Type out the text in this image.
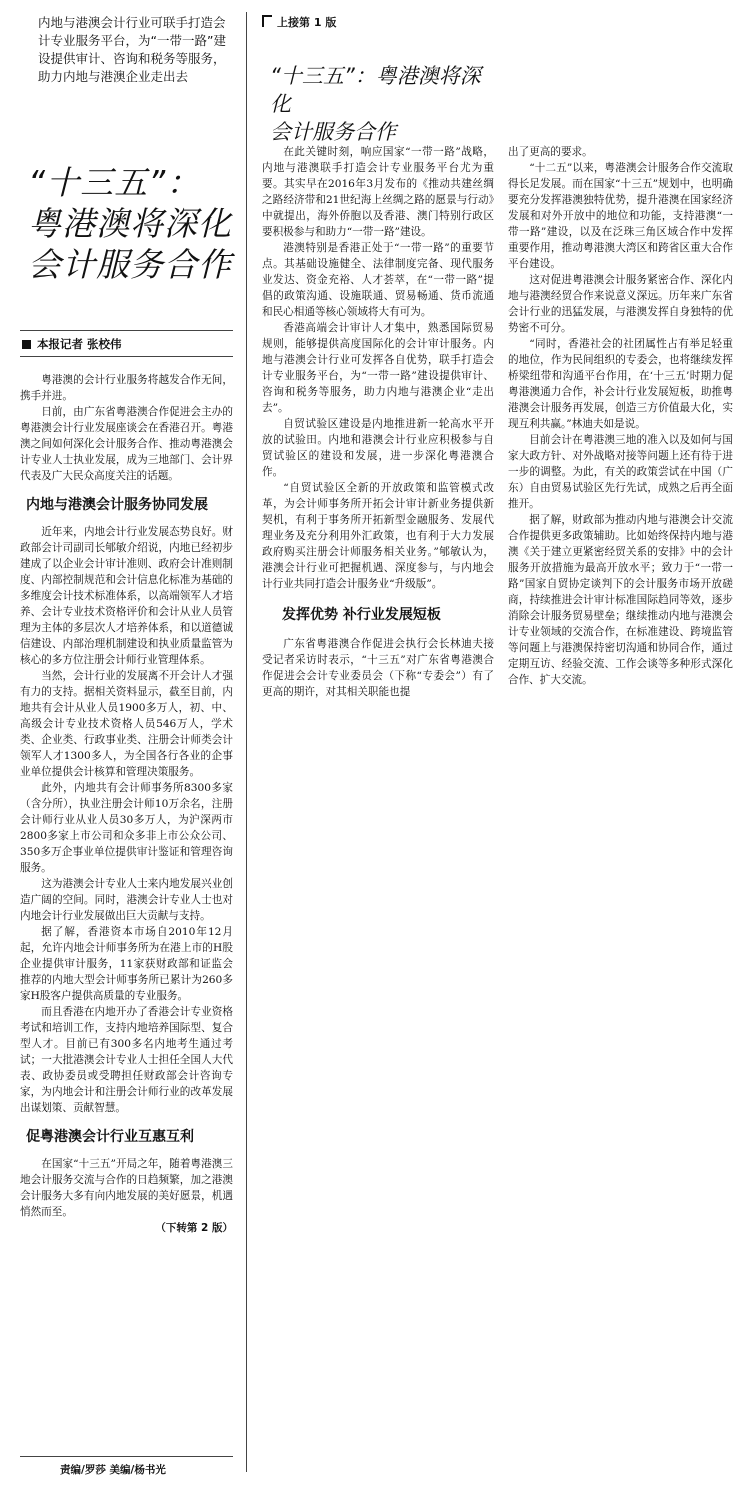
内地与港澳会计行业可联手打造会计专业服务平台，为“一带一路”建设提供审计、咨询和税务等服务，助力内地与港澳企业走出去
“十三五”：
粤港澳将深化
会计服务合作
本报记者 张校伟

粤港澳的会计行业服务将越发合作无间，携手并进。

日前，由广东省粤港澳合作促进会主办的粤港澳会计行业发展座谈会在香港召开。粤港澳之间如何深化会计服务合作、推动粤港澳会计专业人士执业发展，成为三地部门、会计界代表及广大民众高度关注的话题。

内地与港澳会计服务协同发展

近年来，内地会计行业发展态势良好。财政部会计司副司长郇敏介绍说，内地已经初步建成了以企业会计审计准则、政府会计准则制度、内部控制规范和会计信息化标准为基础的多维度会计技术标准体系，以高端领军人才培养、会计专业技术资格评价和会计从业人员管理为主体的多层次人才培养体系，和以道德诚信建设、内部治理机制建设和执业质量监管为核心的多方位注册会计师行业管理体系。

当然，会计行业的发展离不开会计人才强有力的支持。据相关资料显示，截至目前，内地共有会计从业人员1900多万人，初、中、高级会计专业技术资格人员546万人，学术类、企业类、行政事业类、注册会计师类会计领军人才1300多人，为全国各行各业的企事业单位提供会计核算和管理决策服务。

此外，内地共有会计师事务所8300多家（含分所），执业注册会计师10万余名，注册会计师行业从业人员30多万人，为沪深两市2800多家上市公司和众多非上市公众公司、350多万企事业单位提供审计鉴证和管理咨询服务。

这为港澳会计专业人士来内地发展兴业创造广阔的空间。同时，港澳会计专业人士也对内地会计行业发展做出巨大贡献与支持。

据了解，香港资本市场自2010年12月起，允许内地会计师事务所为在港上市的H股企业提供审计服务，11家获财政部和证监会推荐的内地大型会计师事务所已累计为260多家H股客户提供高质量的专业服务。

而且香港在内地开办了香港会计专业资格考试和培训工作，支持内地培养国际型、复合型人才。目前已有300多名内地考生通过考试；一大批港澳会计专业人士担任全国人大代表、政协委员或受聘担任财政部会计咨询专家，为内地会计和注册会计师行业的改革发展出谋划策、贡献智慧。

促粤港澳会计行业互惠互利

在国家“十三五”开局之年，随着粤港澳三地会计服务交流与合作的日趋频繁，加之港澳会计服务大多有向内地发展的美好愿景，机遇悄然而至。

（下转第 2 版）
责编/罗莎 美编/杨书光
上接第 1 版
“十三五”：粤港澳将深化
会计服务合作

在此关键时刻，响应国家“一带一路”战略，内地与港澳联手打造会计专业服务平台尤为重要。其实早在2016年3月发布的《推动共建丝绸之路经济带和21世纪海上丝绸之路的愿景与行动》中就提出，海外侨胞以及香港、澳门特别行政区要积极参与和助力“一带一路”建设。

港澳特别是香港正处于“一带一路”的重要节点。其基础设施健全、法律制度完备、现代服务业发达、资金充裕、人才荟萃，在“一带一路”提倡的政策沟通、设施联通、贸易畅通、货币流通和民心相通等核心领域将大有可为。

香港高端会计审计人才集中，熟悉国际贸易规则，能够提供高度国际化的会计审计服务。内地与港澳会计行业可发挥各自优势，联手打造会计专业服务平台，为“一带一路”建设提供审计、咨询和税务等服务，助力内地与港澳企业“走出去”。

自贸试验区建设是内地推进新一轮高水平开放的试验田。内地和港澳会计行业应积极参与自贸试验区的建设和发展，进一步深化粤港澳合作。

“自贸试验区全新的开放政策和监管模式改革，为会计师事务所开拓会计审计新业务提供新契机，有利于事务所开拓新型金融服务、发展代理业务及充分利用外汇政策，也有利于大力发展政府购买注册会计师服务相关业务。”郇敏认为，港澳会计行业可把握机遇、深度参与，与内地会计行业共同打造会计服务业“升级版”。

发挥优势 补行业发展短板

广东省粤港澳合作促进会执行会长林迪夫接受记者采访时表示，“十三五”对广东省粤港澳合作促进会会计专业委员会（下称“专委会”）有了更高的期许，对其相关职能也提

出了更高的要求。

“十二五”以来，粤港澳会计服务合作交流取得长足发展。而在国家“十三五”规划中，也明确要充分发挥港澳独特优势，提升港澳在国家经济发展和对外开放中的地位和功能，支持港澳“一带一路”建设，以及在泛珠三角区域合作中发挥重要作用，推动粤港澳大湾区和跨省区重大合作平台建设。

这对促进粤港澳会计服务紧密合作、深化内地与港澳经贸合作来说意义深远。历年来广东省会计行业的迅猛发展，与港澳发挥自身独特的优势密不可分。

“同时，香港社会的社团属性占有举足轻重的地位，作为民间组织的专委会，也将继续发挥桥梁纽带和沟通平台作用，在‘十三五’时期力促粤港澳通力合作，补会计行业发展短板，助推粤港澳会计服务再发展，创造三方价值最大化，实现互利共赢。”林迪夫如是说。

目前会计在粤港澳三地的准入以及如何与国家大政方针、对外战略对接等问题上还有待于进一步的调整。为此，有关的政策尝试在中国（广东）自由贸易试验区先行先试，成熟之后再全面推开。

据了解，财政部为推动内地与港澳会计交流合作提供更多政策辅助。比如始终保持内地与港澳《关于建立更紧密经贸关系的安排》中的会计服务开放措施为最高开放水平；致力于“一带一路”国家自贸协定谈判下的会计服务市场开放磋商，持续推进会计审计标准国际趋同等效，逐步消除会计服务贸易壁垒；继续推动内地与港澳会计专业领域的交流合作，在标准建设、跨境监管等问题上与港澳保持密切沟通和协同合作，通过定期互访、经验交流、工作会谈等多种形式深化合作、扩大交流。
